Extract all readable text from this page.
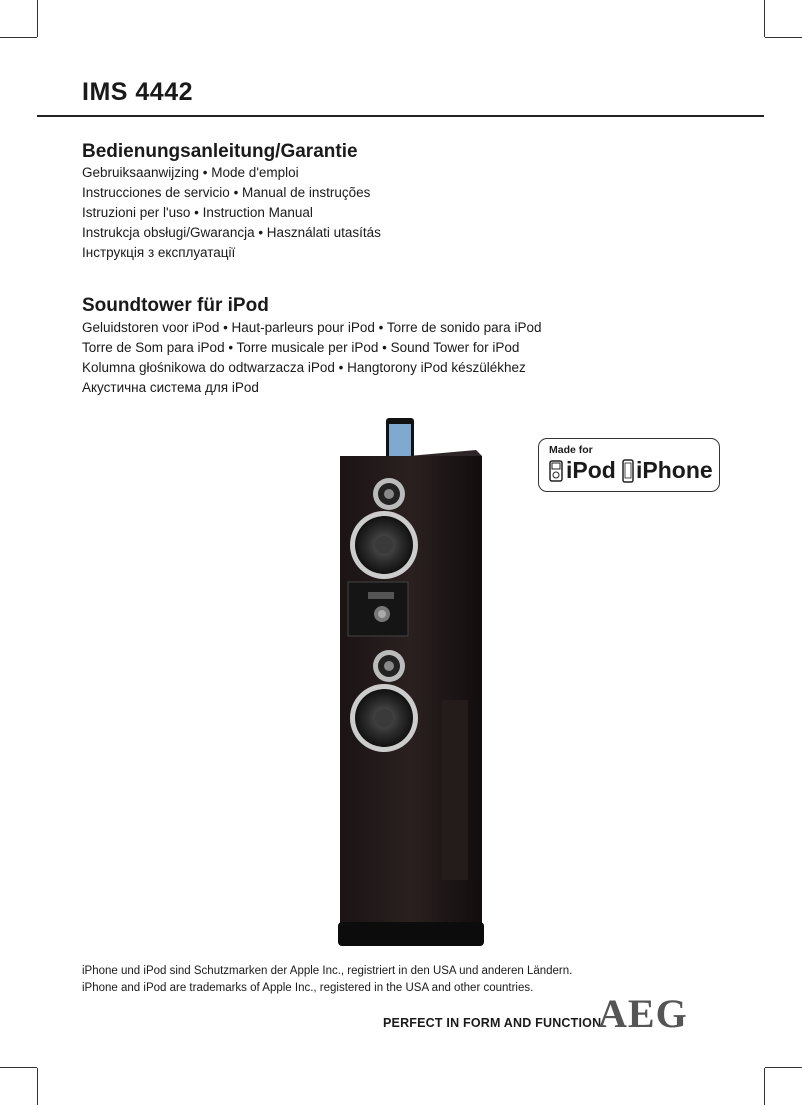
IMS 4442
Bedienungsanleitung/Garantie
Gebruiksaanwijzing • Mode d'emploi
Instrucciones de servicio • Manual de instruções
Istruzioni per l'uso • Instruction Manual
Instrukcja obsługi/Gwarancja • Használati utasítás
Інструкція з експлуатації
Soundtower für iPod
Geluidstoren voor iPod • Haut-parleurs pour iPod • Torre de sonido para iPod
Torre de Som para iPod • Torre musicale per iPod • Sound Tower for iPod
Kolumna głośnikowa do odtwarzacza iPod • Hangtorony iPod készülékhez
Акустична система для iPod
Made for
iPod iPhone
iPhone und iPod sind Schutzmarken der Apple Inc., registriert in den USA und anderen Ländern.
iPhone and iPod are trademarks of Apple Inc., registered in the USA and other countries.
PERFECT IN FORM AND FUNCTION
AEG
